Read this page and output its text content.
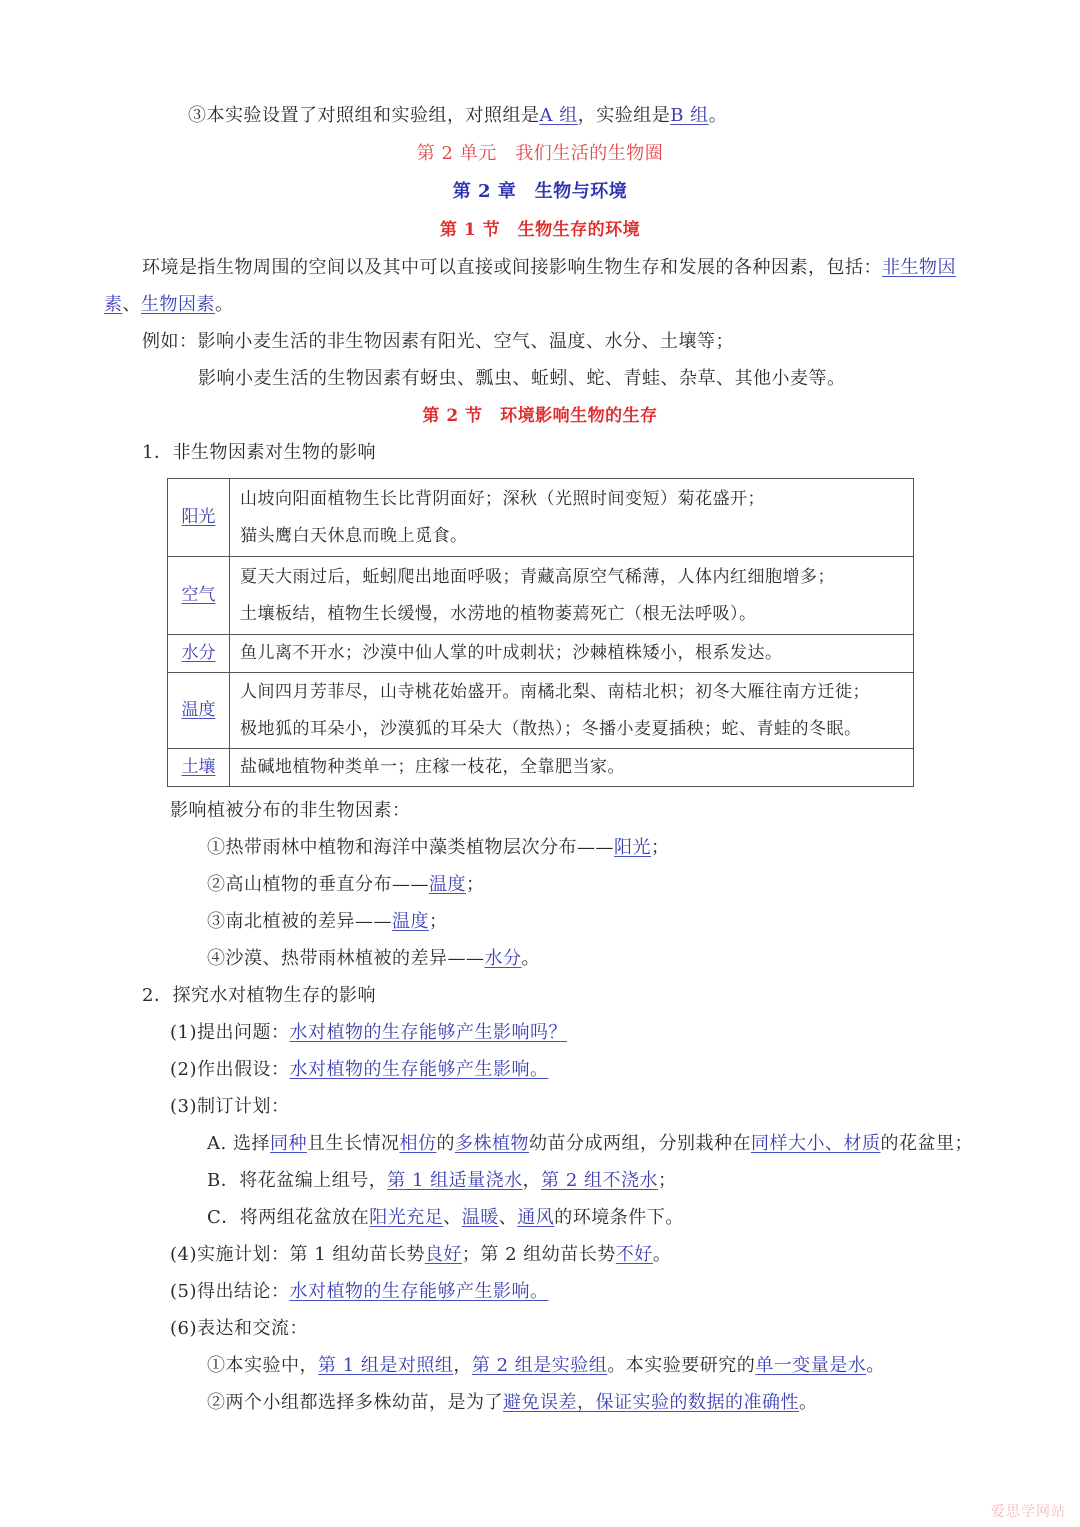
③本实验设置了对照组和实验组，对照组是A 组，实验组是B 组。
第 2 单元　我们生活的生物圈
第 2 章　生物与环境
第 1 节　生物生存的环境
环境是指生物周围的空间以及其中可以直接或间接影响生物生存和发展的各种因素，包括：非生物因
素、生物因素。
例如：影响小麦生活的非生物因素有阳光、空气、温度、水分、土壤等；
影响小麦生活的生物因素有蚜虫、瓢虫、蚯蚓、蛇、青蛙、杂草、其他小麦等。
第 2 节　环境影响生物的生存
1．非生物因素对生物的影响
阳光	山坡向阳面植物生长比背阴面好；深秋（光照时间变短）菊花盛开；
猫头鹰白天休息而晚上觅食。

空气	夏天大雨过后，蚯蚓爬出地面呼吸；青藏高原空气稀薄，人体内红细胞增多；
土壤板结，植物生长缓慢，水涝地的植物萎蔫死亡（根无法呼吸）。

水分	鱼儿离不开水；沙漠中仙人掌的叶成刺状；沙棘植株矮小，根系发达。

温度	人间四月芳菲尽，山寺桃花始盛开。南橘北梨、南桔北枳；初冬大雁往南方迁徙；
极地狐的耳朵小，沙漠狐的耳朵大（散热）；冬播小麦夏插秧；蛇、青蛙的冬眠。

土壤	盐碱地植物种类单一；庄稼一枝花，全靠肥当家。
影响植被分布的非生物因素：
①热带雨林中植物和海洋中藻类植物层次分布——阳光；
②高山植物的垂直分布——温度；
③南北植被的差异——温度；
④沙漠、热带雨林植被的差异——水分。
2．探究水对植物生存的影响
(1)提出问题：水对植物的生存能够产生影响吗？
(2)作出假设：水对植物的生存能够产生影响。
(3)制订计划：
A. 选择同种且生长情况相仿的多株植物幼苗分成两组，分别栽种在同样大小、材质的花盆里；
B．将花盆编上组号，第 1 组适量浇水，第 2 组不浇水；
C．将两组花盆放在阳光充足、温暖、通风的环境条件下。
(4)实施计划：第 1 组幼苗长势良好；第 2 组幼苗长势不好。
(5)得出结论：水对植物的生存能够产生影响。
(6)表达和交流：
①本实验中，第 1 组是对照组，第 2 组是实验组。本实验要研究的单一变量是水。
②两个小组都选择多株幼苗，是为了避免误差，保证实验的数据的准确性。
爱思学网站
